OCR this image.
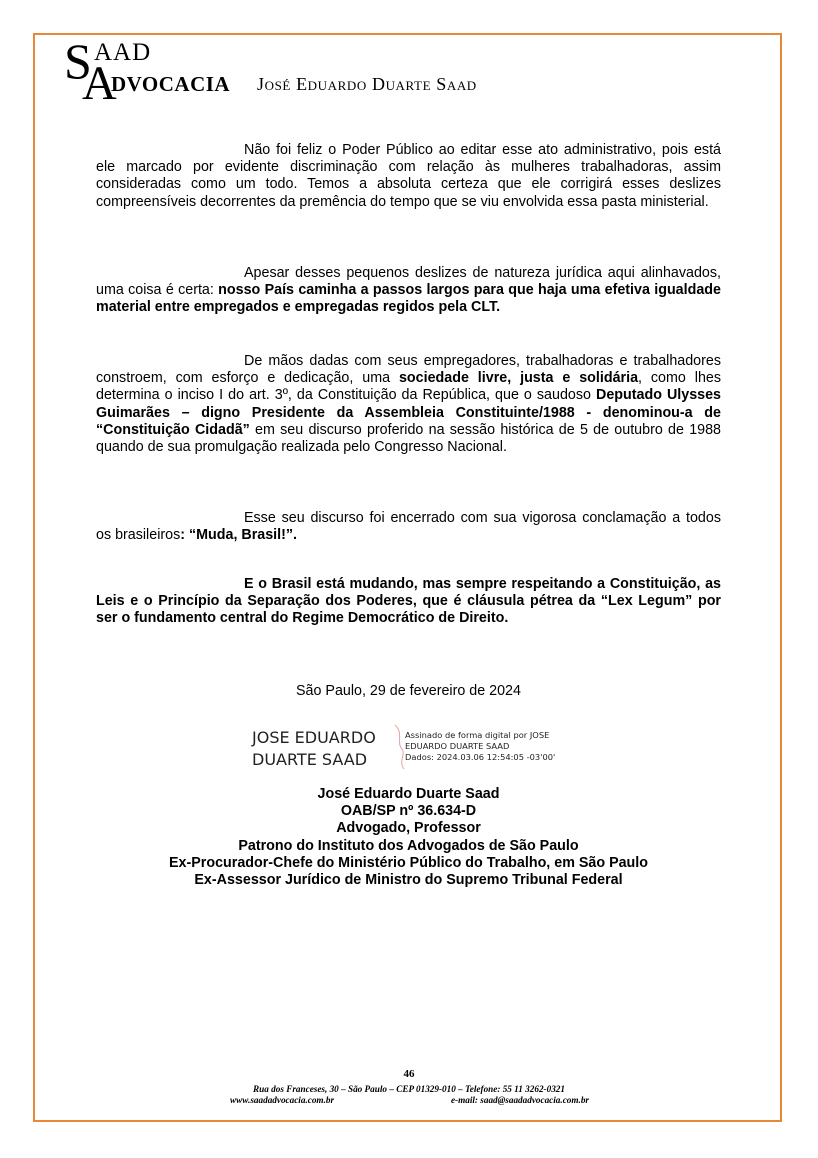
S AAD
A
DVOCACIA José Eduardo Duarte Saad

Não foi feliz o Poder Público ao editar esse ato administrativo, pois está ele marcado por evidente discriminação com relação às mulheres trabalhadoras, assim consideradas como um todo. Temos a absoluta certeza que ele corrigirá esses deslizes compreensíveis decorrentes da premência do tempo que se viu envolvida essa pasta ministerial.

Apesar desses pequenos deslizes de natureza jurídica aqui alinhavados, uma coisa é certa: nosso País caminha a passos largos para que haja uma efetiva igualdade material entre empregados e empregadas regidos pela CLT.

De mãos dadas com seus empregadores, trabalhadoras e trabalhadores constroem, com esforço e dedicação, uma sociedade livre, justa e solidária, como lhes determina o inciso I do art. 3º, da Constituição da República, que o saudoso Deputado Ulysses Guimarães – digno Presidente da Assembleia Constituinte/1988 - denominou-a de “Constituição Cidadã” em seu discurso proferido na sessão histórica de 5 de outubro de 1988 quando de sua promulgação realizada pelo Congresso Nacional.

Esse seu discurso foi encerrado com sua vigorosa conclamação a todos os brasileiros: “Muda, Brasil!”.

E o Brasil está mudando, mas sempre respeitando a Constituição, as Leis e o Princípio da Separação dos Poderes, que é cláusula pétrea da “Lex Legum” por ser o fundamento central do Regime Democrático de Direito.

São Paulo, 29 de fevereiro de 2024
JOSE EDUARDO
DUARTE SAAD
Assinado de forma digital por JOSE
EDUARDO DUARTE SAAD
Dados: 2024.03.06 12:54:05 -03'00'
José Eduardo Duarte Saad
OAB/SP nº 36.634-D
Advogado, Professor
Patrono do Instituto dos Advogados de São Paulo
Ex-Procurador-Chefe do Ministério Público do Trabalho, em São Paulo
Ex-Assessor Jurídico de Ministro do Supremo Tribunal Federal
46
Rua dos Franceses, 30 – São Paulo – CEP 01329-010 – Telefone: 55 11 3262-0321
www.saadadvocacia.com.br	e-mail: saad@saadadvocacia.com.br
